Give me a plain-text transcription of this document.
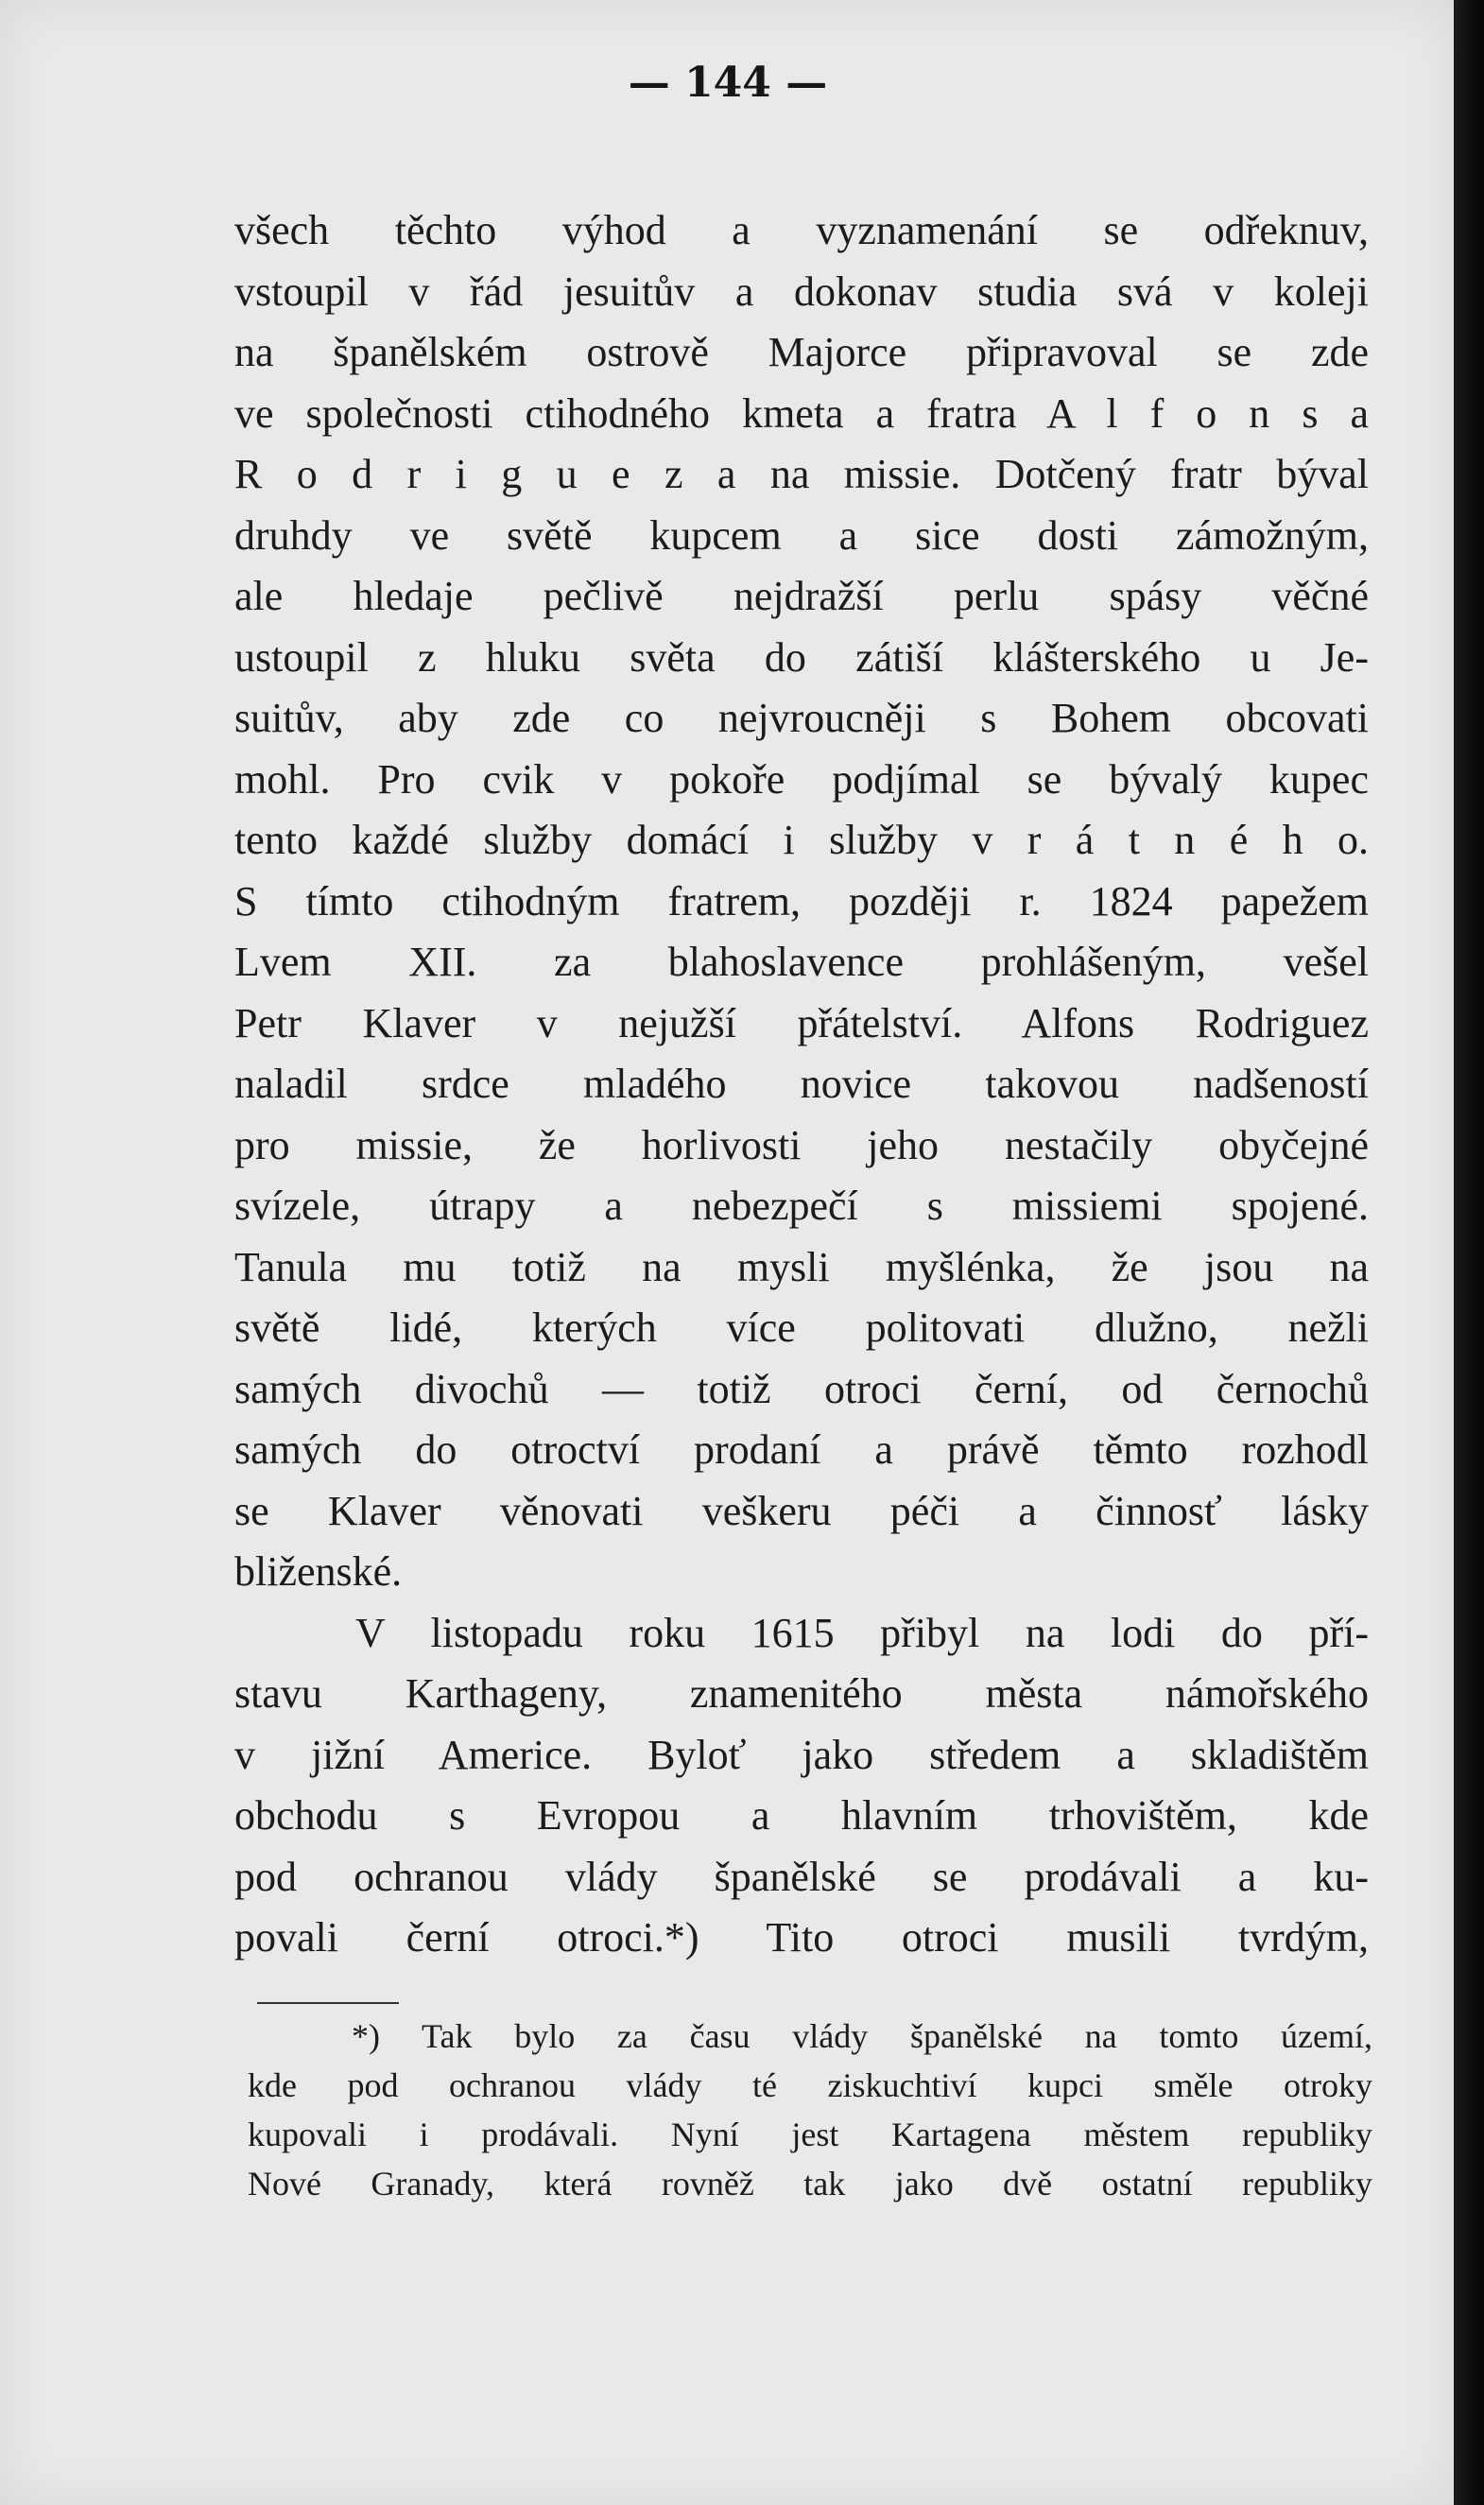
— 144 —
všech těchto výhod a vyznamenání se odřeknuv,
vstoupil v řád jesuitův a dokonav studia svá v koleji
na španělském ostrově Majorce připravoval se zde
ve společnosti ctihodného kmeta a fratra A l f o n s a
R o d r i g u e z a na missie. Dotčený fratr býval
druhdy ve světě kupcem a sice dosti zámožným,
ale hledaje pečlivě nejdražší perlu spásy věčné
ustoupil z hluku světa do zátiší klášterského u Je-
suitův, aby zde co nejvroucněji s Bohem obcovati
mohl. Pro cvik v pokoře podjímal se bývalý kupec
tento každé služby domácí i služby v r á t n é h o.
S tímto ctihodným fratrem, později r. 1824 papežem
Lvem XII. za blahoslavence prohlášeným, vešel
Petr Klaver v nejužší přátelství. Alfons Rodriguez
naladil srdce mladého novice takovou nadšeností
pro missie, že horlivosti jeho nestačily obyčejné
svízele, útrapy a nebezpečí s missiemi spojené.
Tanula mu totiž na mysli myšlénka, že jsou na
světě lidé, kterých více politovati dlužno, nežli
samých divochů — totiž otroci černí, od černochů
samých do otroctví prodaní a právě těmto rozhodl
se Klaver věnovati veškeru péči a činnosť lásky
bliženské.
V listopadu roku 1615 přibyl na lodi do pří-
stavu Karthageny, znamenitého města námořského
v jižní Americe. Byloť jako středem a skladištěm
obchodu s Evropou a hlavním trhovištěm, kde
pod ochranou vlády španělské se prodávali a ku-
povali černí otroci.*) Tito otroci musili tvrdým,
*) Tak bylo za času vlády španělské na tomto území,
kde pod ochranou vlády té ziskuchtiví kupci směle otroky
kupovali i prodávali. Nyní jest Kartagena městem republiky
Nové Granady, která rovněž tak jako dvě ostatní republiky
